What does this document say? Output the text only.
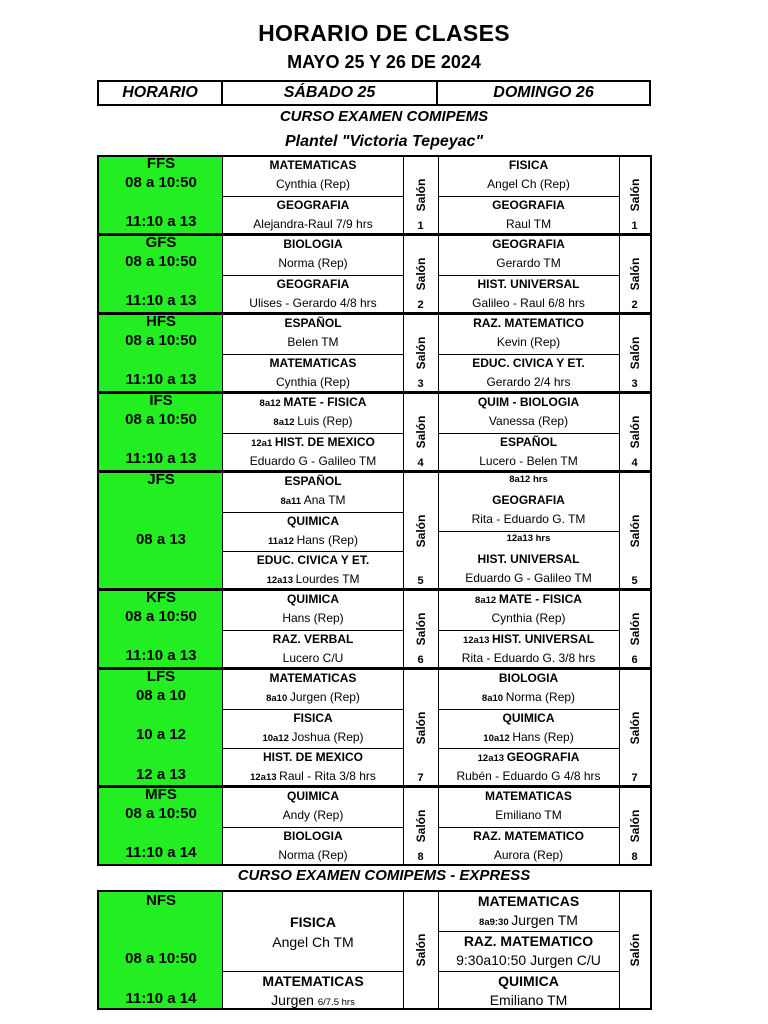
HORARIO DE CLASES
MAYO 25 Y 26 DE 2024
HORARIO	SÁBADO 25	DOMINGO 26
CURSO EXAMEN COMIPEMS
Plantel "Victoria Tepeyac"
FFS
08 a 10:50
11:10 a 13
MATEMATICAS
Cynthia (Rep)
GEOGRAFIA
Alejandra-Raul 7/9 hrs
Salón
1
FISICA
Angel Ch (Rep)
GEOGRAFIA
Raul TM
Salón
1
GFS
08 a 10:50
11:10 a 13
BIOLOGIA
Norma (Rep)
GEOGRAFIA
Ulises - Gerardo 4/8 hrs
Salón
2
GEOGRAFIA
Gerardo TM
HIST. UNIVERSAL
Galileo - Raul 6/8 hrs
Salón
2
HFS
08 a 10:50
11:10 a 13
ESPAÑOL
Belen TM
MATEMATICAS
Cynthia (Rep)
Salón
3
RAZ. MATEMATICO
Kevin (Rep)
EDUC. CIVICA Y ET.
Gerardo 2/4 hrs
Salón
3
IFS
08 a 10:50
11:10 a 13
8a12 MATE - FISICA
8a12 Luis (Rep)
12a1 HIST. DE MEXICO
Eduardo G - Galileo TM
Salón
4
QUIM - BIOLOGIA
Vanessa (Rep)
ESPAÑOL
Lucero - Belen TM
Salón
4
JFS
08 a 13
ESPAÑOL
8a11 Ana TM
QUIMICA
11a12 Hans (Rep)
EDUC. CIVICA Y ET.
12a13 Lourdes TM
Salón
5
8a12 hrs
GEOGRAFIA
Rita - Eduardo G. TM
12a13 hrs
HIST. UNIVERSAL
Eduardo G - Galileo TM
Salón
5
KFS
08 a 10:50
11:10 a 13
QUIMICA
Hans (Rep)
RAZ. VERBAL
Lucero C/U
Salón
6
8a12 MATE - FISICA
Cynthia (Rep)
12a13 HIST. UNIVERSAL
Rita - Eduardo G. 3/8 hrs
Salón
6
LFS
08 a 10
10 a 12
12 a 13
MATEMATICAS
8a10 Jurgen (Rep)
FISICA
10a12 Joshua (Rep)
HIST. DE MEXICO
12a13 Raul - Rita 3/8 hrs
Salón
7
BIOLOGIA
8a10 Norma (Rep)
QUIMICA
10a12 Hans (Rep)
12a13 GEOGRAFIA
Rubén - Eduardo G 4/8 hrs
Salón
7
MFS
08 a 10:50
11:10 a 14
QUIMICA
Andy (Rep)
BIOLOGIA
Norma (Rep)
Salón
8
MATEMATICAS
Emiliano TM
RAZ. MATEMATICO
Aurora (Rep)
Salón
8
CURSO EXAMEN COMIPEMS - EXPRESS
NFS
08 a 10:50
11:10 a 14
FISICA
Angel Ch TM
MATEMATICAS
Jurgen 6/7.5 hrs
Salón
MATEMATICAS
8a9:30 Jurgen TM
RAZ. MATEMATICO
9:30a10:50 Jurgen C/U
QUIMICA
Emiliano TM
Salón
